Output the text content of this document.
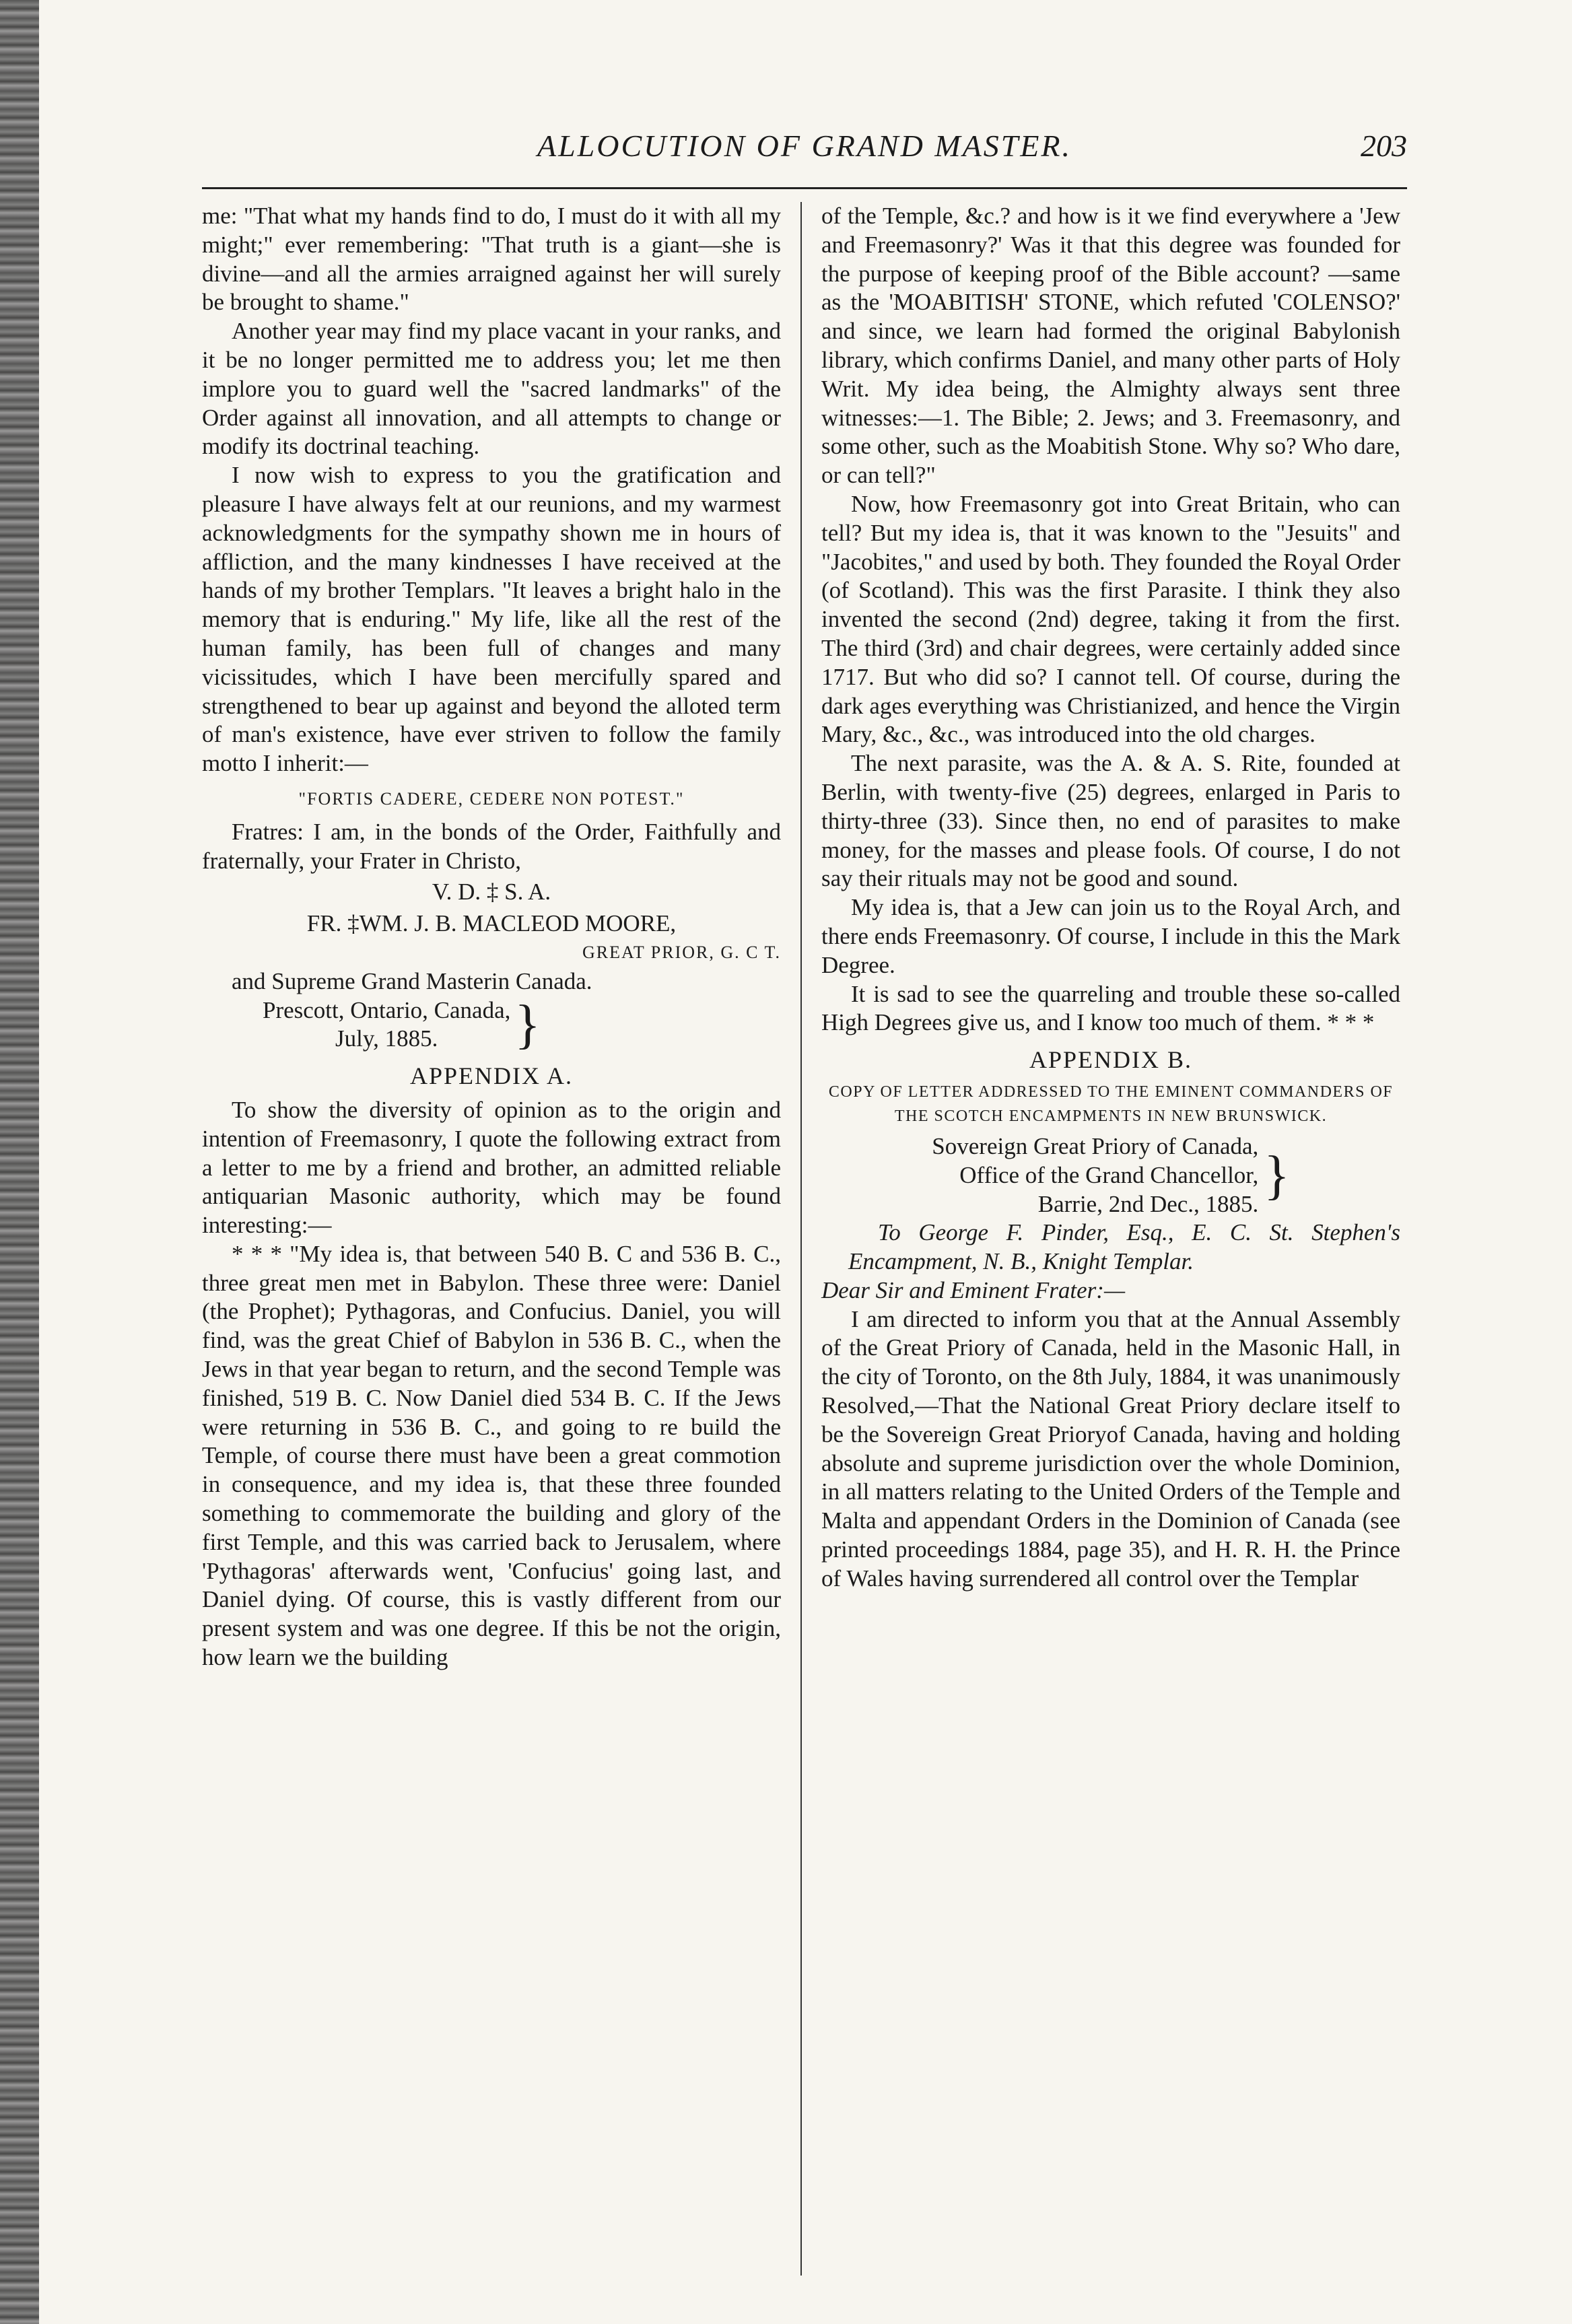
ALLOCUTION OF GRAND MASTER.	203

me: "That what my hands find to do, I must do it with all my might;" ever remembering: "That truth is a giant—she is divine—and all the armies arraigned against her will surely be brought to shame."

Another year may find my place vacant in your ranks, and it be no longer permitted me to address you; let me then implore you to guard well the "sacred landmarks" of the Order against all innovation, and all attempts to change or modify its doctrinal teaching.

I now wish to express to you the gratification and pleasure I have always felt at our reunions, and my warmest acknowledgments for the sympathy shown me in hours of affliction, and the many kindnesses I have received at the hands of my brother Templars. "It leaves a bright halo in the memory that is enduring." My life, like all the rest of the human family, has been full of changes and many vicissitudes, which I have been mercifully spared and strengthened to bear up against and beyond the alloted term of man's existence, have ever striven to follow the family motto I inherit:—

"FORTIS CADERE, CEDERE NON POTEST."

Fratres: I am, in the bonds of the Order, Faithfully and fraternally, your Frater in Christo,

V. D. ‡ S. A.
FR. ‡WM. J. B. MACLEOD MOORE,
GREAT PRIOR, G. C T.

and Supreme Grand Masterin Canada.

Prescott, Ontario, Canada,
July, 1885.	}
APPENDIX A.

To show the diversity of opinion as to the origin and intention of Freemasonry, I quote the following extract from a letter to me by a friend and brother, an admitted reliable antiquarian Masonic authority, which may be found interesting:—

* * * "My idea is, that between 540 B. C and 536 B. C., three great men met in Babylon. These three were: Daniel (the Prophet); Pythagoras, and Confucius. Daniel, you will find, was the great Chief of Babylon in 536 B. C., when the Jews in that year began to return, and the second Temple was finished, 519 B. C. Now Daniel died 534 B. C. If the Jews were returning in 536 B. C., and going to re build the Temple, of course there must have been a great commotion in consequence, and my idea is, that these three founded something to commemorate the building and glory of the first Temple, and this was carried back to Jerusalem, where 'Pythagoras' afterwards went, 'Confucius' going last, and Daniel dying. Of course, this is vastly different from our present system and was one degree. If this be not the origin, how learn we the building

of the Temple, &c.? and how is it we find everywhere a 'Jew and Freemasonry?' Was it that this degree was founded for the purpose of keeping proof of the Bible account? —same as the 'MOABITISH' STONE, which refuted 'COLENSO?' and since, we learn had formed the original Babylonish library, which confirms Daniel, and many other parts of Holy Writ. My idea being, the Almighty always sent three witnesses:—1. The Bible; 2. Jews; and 3. Freemasonry, and some other, such as the Moabitish Stone. Why so? Who dare, or can tell?"

Now, how Freemasonry got into Great Britain, who can tell? But my idea is, that it was known to the "Jesuits" and "Jacobites," and used by both. They founded the Royal Order (of Scotland). This was the first Parasite. I think they also invented the second (2nd) degree, taking it from the first. The third (3rd) and chair degrees, were certainly added since 1717. But who did so? I cannot tell. Of course, during the dark ages everything was Christianized, and hence the Virgin Mary, &c., &c., was introduced into the old charges.

The next parasite, was the A. & A. S. Rite, founded at Berlin, with twenty-five (25) degrees, enlarged in Paris to thirty-three (33). Since then, no end of parasites to make money, for the masses and please fools. Of course, I do not say their rituals may not be good and sound.

My idea is, that a Jew can join us to the Royal Arch, and there ends Freemasonry. Of course, I include in this the Mark Degree.

It is sad to see the quarreling and trouble these so-called High Degrees give us, and I know too much of them. * * *

APPENDIX B.
COPY OF LETTER ADDRESSED TO THE EMINENT COMMANDERS OF THE SCOTCH ENCAMPMENTS IN NEW BRUNSWICK.
Sovereign Great Priory of Canada,
Office of the Grand Chancellor,
Barrie, 2nd Dec., 1885. }

To George F. Pinder, Esq., E. C. St. Stephen's Encampment, N. B., Knight Templar.

Dear Sir and Eminent Frater:—

I am directed to inform you that at the Annual Assembly of the Great Priory of Canada, held in the Masonic Hall, in the city of Toronto, on the 8th July, 1884, it was unanimously Resolved,—That the National Great Priory declare itself to be the Sovereign Great Prioryof Canada, having and holding absolute and supreme jurisdiction over the whole Dominion, in all matters relating to the United Orders of the Temple and Malta and appendant Orders in the Dominion of Canada (see printed proceedings 1884, page 35), and H. R. H. the Prince of Wales having surrendered all control over the Templar
